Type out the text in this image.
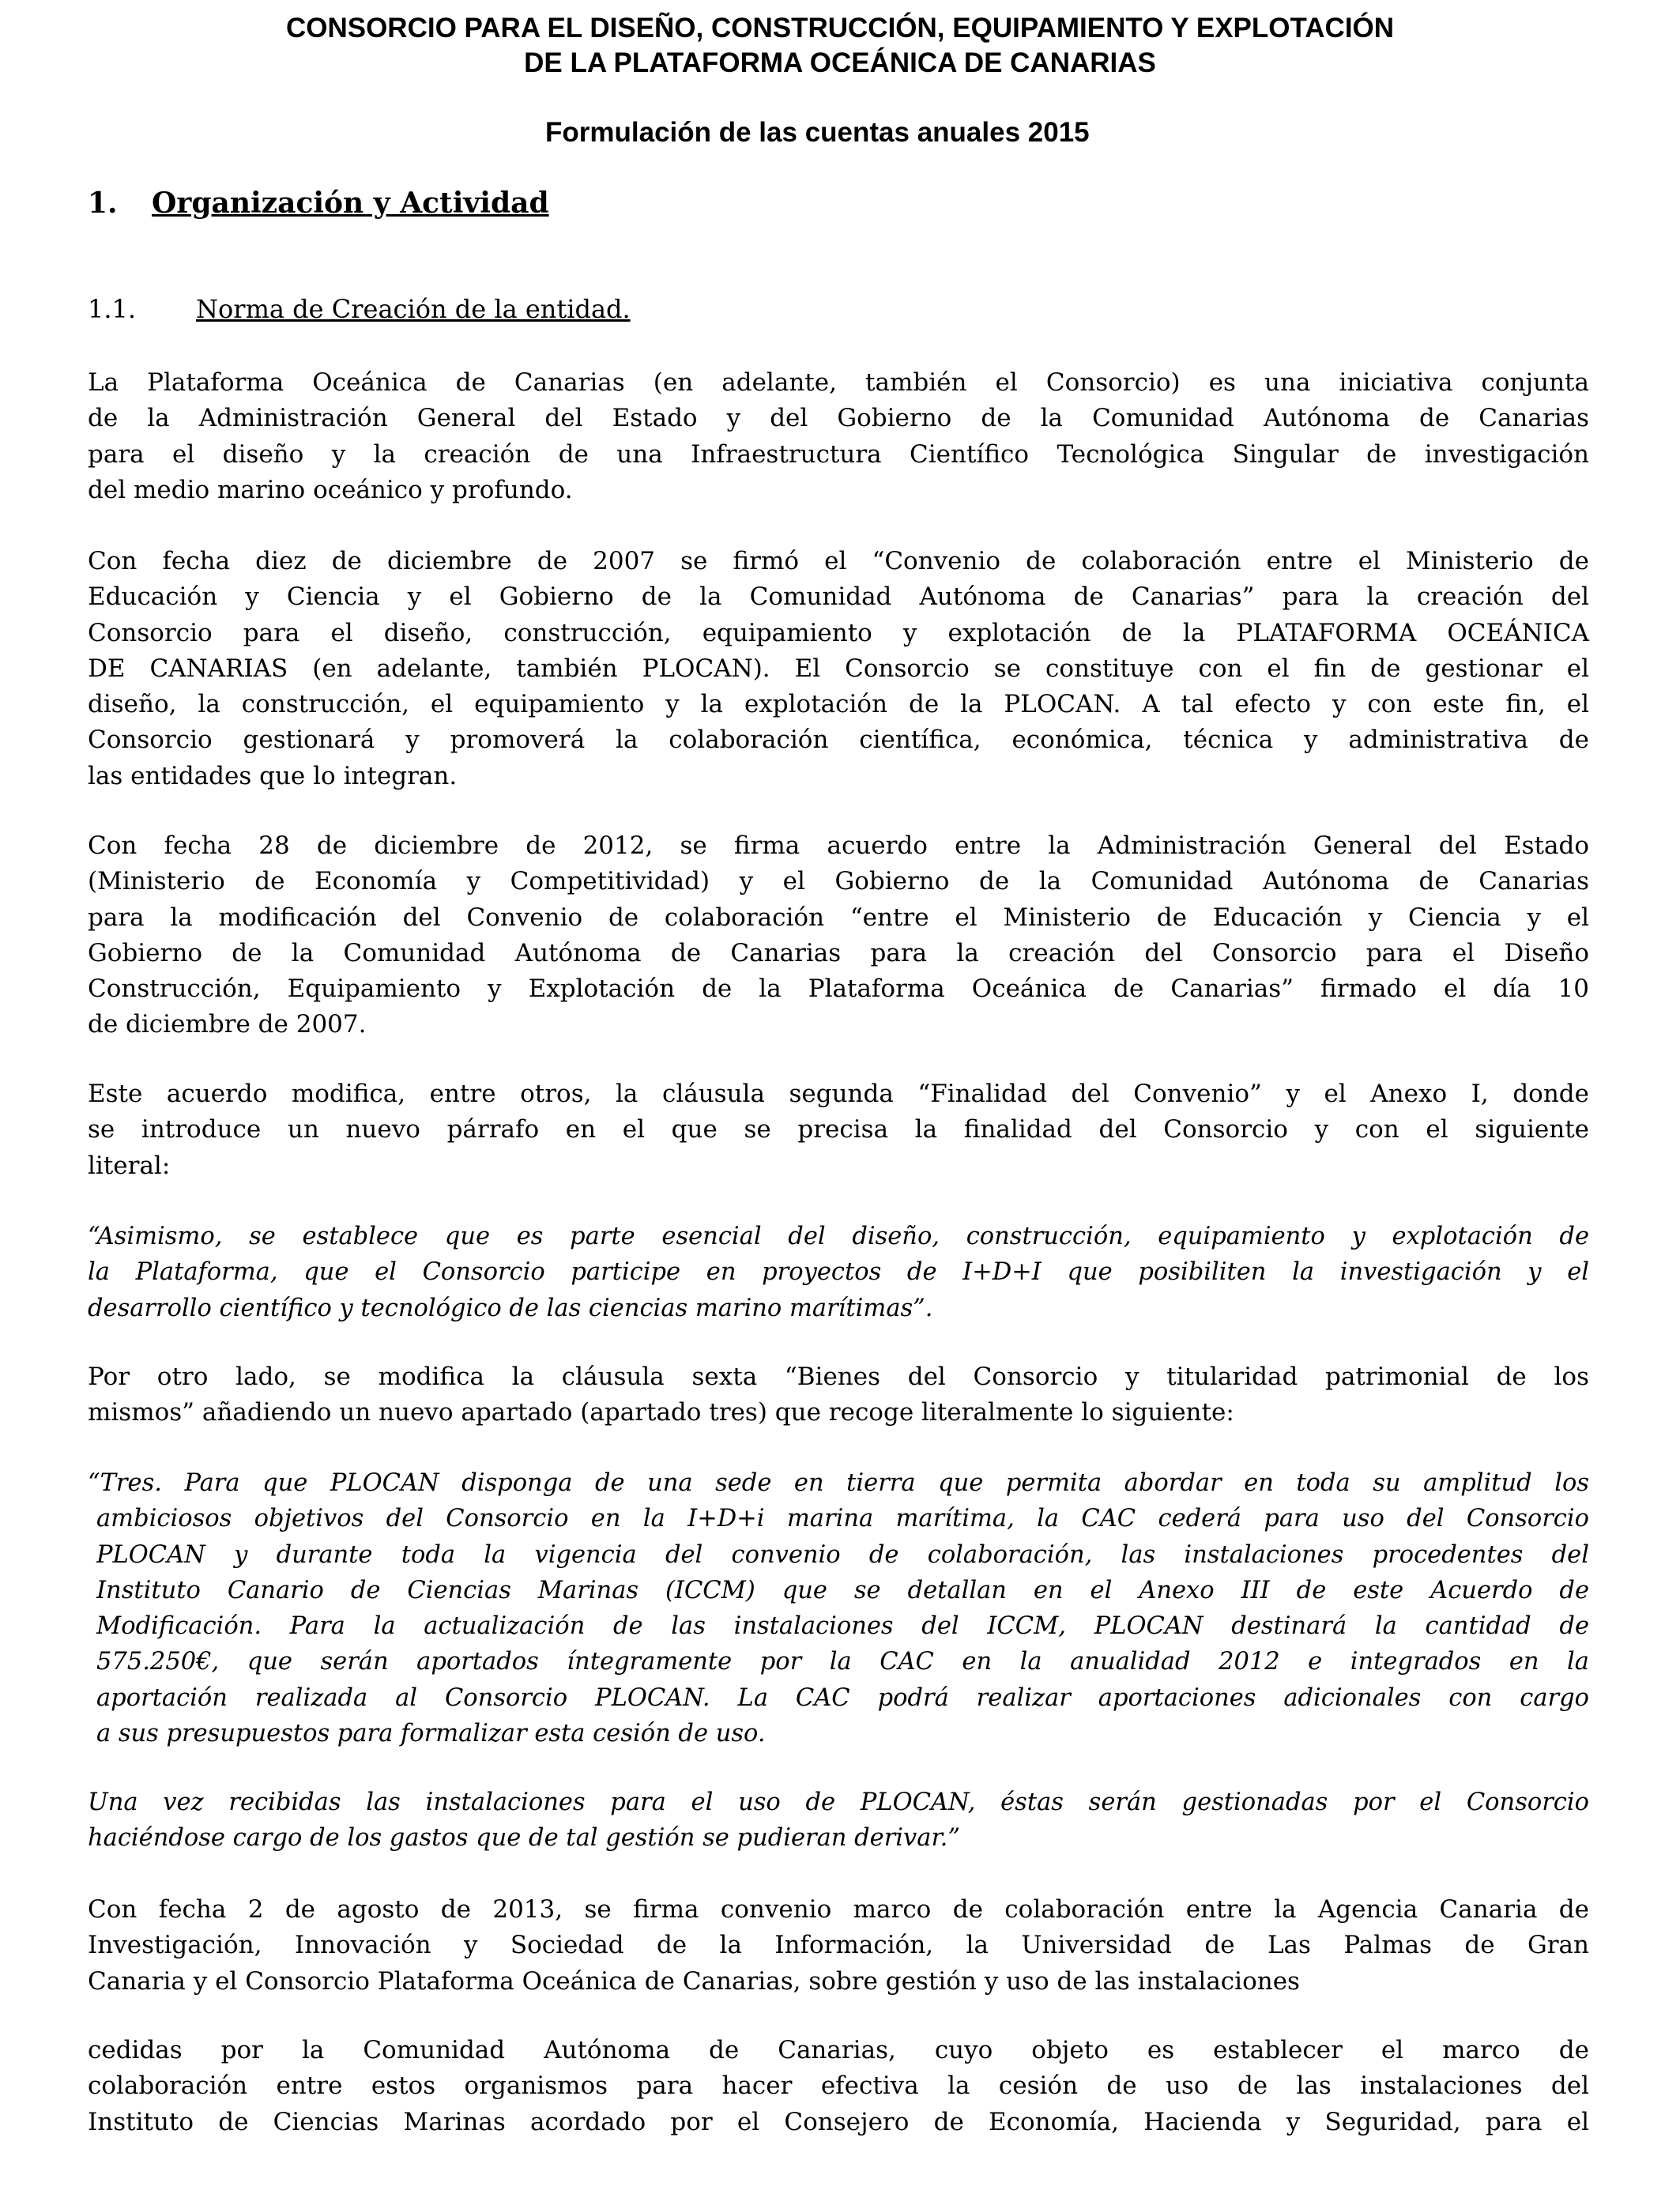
CONSORCIO PARA EL DISEÑO, CONSTRUCCIÓN, EQUIPAMIENTO Y EXPLOTACIÓN
DE LA PLATAFORMA OCEÁNICA DE CANARIAS
Formulación de las cuentas anuales 2015
1. Organización y Actividad
1.1. Norma de Creación de la entidad.
La Plataforma Oceánica de Canarias (en adelante, también el Consorcio) es una iniciativa conjunta
de la Administración General del Estado y del Gobierno de la Comunidad Autónoma de Canarias
para el diseño y la creación de una Infraestructura Científico Tecnológica Singular de investigación
del medio marino oceánico y profundo.
Con fecha diez de diciembre de 2007 se firmó el “Convenio de colaboración entre el Ministerio de
Educación y Ciencia y el Gobierno de la Comunidad Autónoma de Canarias” para la creación del
Consorcio para el diseño, construcción, equipamiento y explotación de la PLATAFORMA OCEÁNICA
DE CANARIAS (en adelante, también PLOCAN). El Consorcio se constituye con el fin de gestionar el
diseño, la construcción, el equipamiento y la explotación de la PLOCAN. A tal efecto y con este fin, el
Consorcio gestionará y promoverá la colaboración científica, económica, técnica y administrativa de
las entidades que lo integran.
Con fecha 28 de diciembre de 2012, se firma acuerdo entre la Administración General del Estado
(Ministerio de Economía y Competitividad) y el Gobierno de la Comunidad Autónoma de Canarias
para la modificación del Convenio de colaboración “entre el Ministerio de Educación y Ciencia y el
Gobierno de la Comunidad Autónoma de Canarias para la creación del Consorcio para el Diseño
Construcción, Equipamiento y Explotación de la Plataforma Oceánica de Canarias” firmado el día 10
de diciembre de 2007.
Este acuerdo modifica, entre otros, la cláusula segunda “Finalidad del Convenio” y el Anexo I, donde
se introduce un nuevo párrafo en el que se precisa la finalidad del Consorcio y con el siguiente
literal:
“Asimismo, se establece que es parte esencial del diseño, construcción, equipamiento y explotación de
la Plataforma, que el Consorcio participe en proyectos de I+D+I que posibiliten la investigación y el
desarrollo científico y tecnológico de las ciencias marino marítimas”.
Por otro lado, se modifica la cláusula sexta “Bienes del Consorcio y titularidad patrimonial de los
mismos” añadiendo un nuevo apartado (apartado tres) que recoge literalmente lo siguiente:
“Tres. Para que PLOCAN disponga de una sede en tierra que permita abordar en toda su amplitud los
ambiciosos objetivos del Consorcio en la I+D+i marina marítima, la CAC cederá para uso del Consorcio
PLOCAN y durante toda la vigencia del convenio de colaboración, las instalaciones procedentes del
Instituto Canario de Ciencias Marinas (ICCM) que se detallan en el Anexo III de este Acuerdo de
Modificación. Para la actualización de las instalaciones del ICCM, PLOCAN destinará la cantidad de
575.250€, que serán aportados íntegramente por la CAC en la anualidad 2012 e integrados en la
aportación realizada al Consorcio PLOCAN. La CAC podrá realizar aportaciones adicionales con cargo
a sus presupuestos para formalizar esta cesión de uso.
Una vez recibidas las instalaciones para el uso de PLOCAN, éstas serán gestionadas por el Consorcio
haciéndose cargo de los gastos que de tal gestión se pudieran derivar.”
Con fecha 2 de agosto de 2013, se firma convenio marco de colaboración entre la Agencia Canaria de
Investigación, Innovación y Sociedad de la Información, la Universidad de Las Palmas de Gran
Canaria y el Consorcio Plataforma Oceánica de Canarias, sobre gestión y uso de las instalaciones
cedidas por la Comunidad Autónoma de Canarias, cuyo objeto es establecer el marco de
colaboración entre estos organismos para hacer efectiva la cesión de uso de las instalaciones del
Instituto de Ciencias Marinas acordado por el Consejero de Economía, Hacienda y Seguridad, para el
